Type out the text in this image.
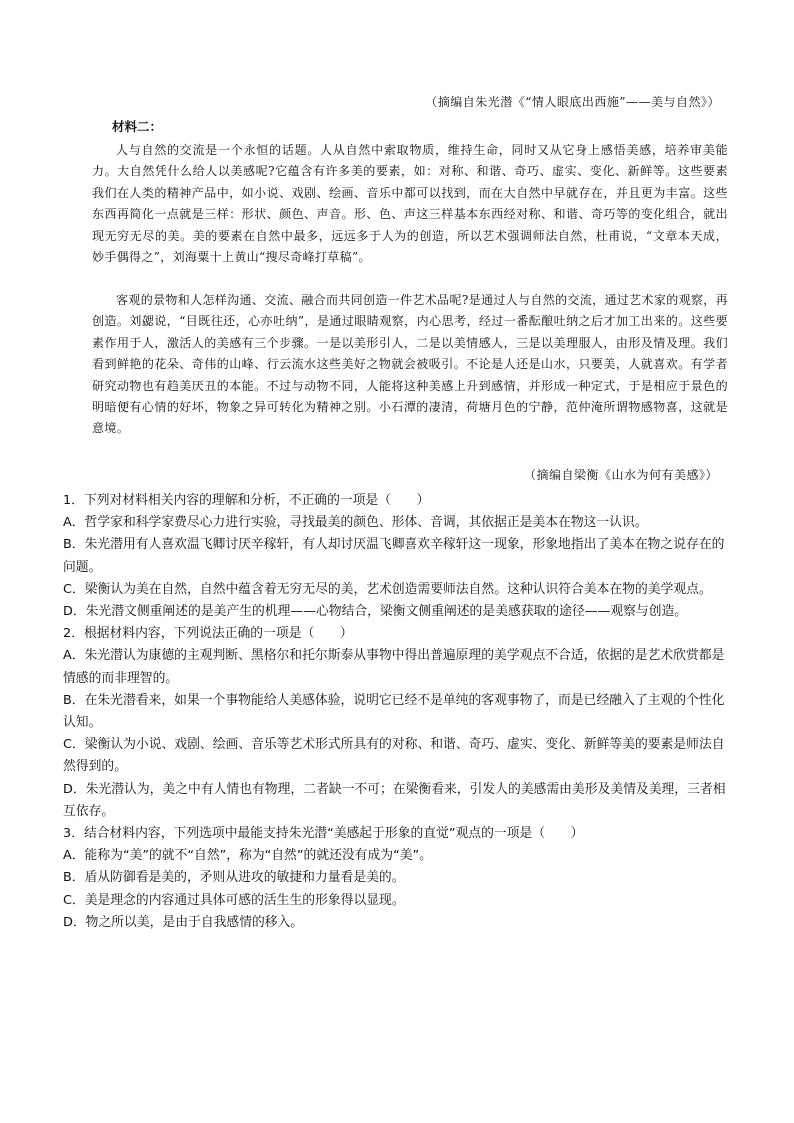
（摘编自朱光潜《“情人眼底出西施”——美与自然》）
材料二：

人与自然的交流是一个永恒的话题。人从自然中索取物质，维持生命，同时又从它身上感悟美感，培养审美能力。大自然凭什么给人以美感呢?它蕴含有许多美的要素，如：对称、和谐、奇巧、虚实、变化、新鲜等。这些要素我们在人类的精神产品中，如小说、戏剧、绘画、音乐中都可以找到，而在大自然中早就存在，并且更为丰富。这些东西再简化一点就是三样：形状、颜色、声音。形、色、声这三样基本东西经对称、和谐、奇巧等的变化组合，就出现无穷无尽的美。美的要素在自然中最多，远远多于人为的创造，所以艺术强调师法自然，杜甫说，“文章本天成，妙手偶得之”，刘海粟十上黄山“搜尽奇峰打草稿”。

客观的景物和人怎样沟通、交流、融合而共同创造一件艺术品呢?是通过人与自然的交流，通过艺术家的观察，再创造。刘勰说，“目既往还，心亦吐纳”，是通过眼睛观察，内心思考，经过一番酝酿吐纳之后才加工出来的。这些要素作用于人，激活人的美感有三个步骤。一是以美形引人，二是以美情感人，三是以美理服人，由形及情及理。我们看到鲜艳的花朵、奇伟的山峰、行云流水这些美好之物就会被吸引。不论是人还是山水，只要美，人就喜欢。有学者研究动物也有趋美厌丑的本能。不过与动物不同，人能将这种美感上升到感情，并形成一种定式，于是相应于景色的明暗便有心情的好坏，物象之异可转化为精神之别。小石潭的凄清，荷塘月色的宁静，范仲淹所谓物感物喜，这就是意境。

（摘编自梁衡《山水为何有美感》）

1．下列对材料相关内容的理解和分析，不正确的一项是（　　）

A．哲学家和科学家费尽心力进行实验，寻找最美的颜色、形体、音调，其依据正是美本在物这一认识。

B．朱光潜用有人喜欢温飞卿讨厌辛稼轩，有人却讨厌温飞卿喜欢辛稼轩这一现象，形象地指出了美本在物之说存在的问题。

C．梁衡认为美在自然，自然中蕴含着无穷无尽的美，艺术创造需要师法自然。这种认识符合美本在物的美学观点。

D．朱光潜文侧重阐述的是美产生的机理——心物结合，梁衡文侧重阐述的是美感获取的途径——观察与创造。

2．根据材料内容，下列说法正确的一项是（　　）

A．朱光潜认为康德的主观判断、黑格尔和托尔斯泰从事物中得出普遍原理的美学观点不合适，依据的是艺术欣赏都是情感的而非理智的。

B．在朱光潜看来，如果一个事物能给人美感体验，说明它已经不是单纯的客观事物了，而是已经融入了主观的个性化认知。

C．梁衡认为小说、戏剧、绘画、音乐等艺术形式所具有的对称、和谐、奇巧、虚实、变化、新鲜等美的要素是师法自然得到的。

D．朱光潜认为，美之中有人情也有物理，二者缺一不可；在梁衡看来，引发人的美感需由美形及美情及美理，三者相互依存。

3．结合材料内容，下列选项中最能支持朱光潜“美感起于形象的直觉”观点的一项是（　　）

A．能称为“美”的就不“自然”，称为“自然”的就还没有成为“美”。

B．盾从防御看是美的，矛则从进攻的敏捷和力量看是美的。

C．美是理念的内容通过具体可感的活生生的形象得以显现。

D．物之所以美，是由于自我感情的移入。
